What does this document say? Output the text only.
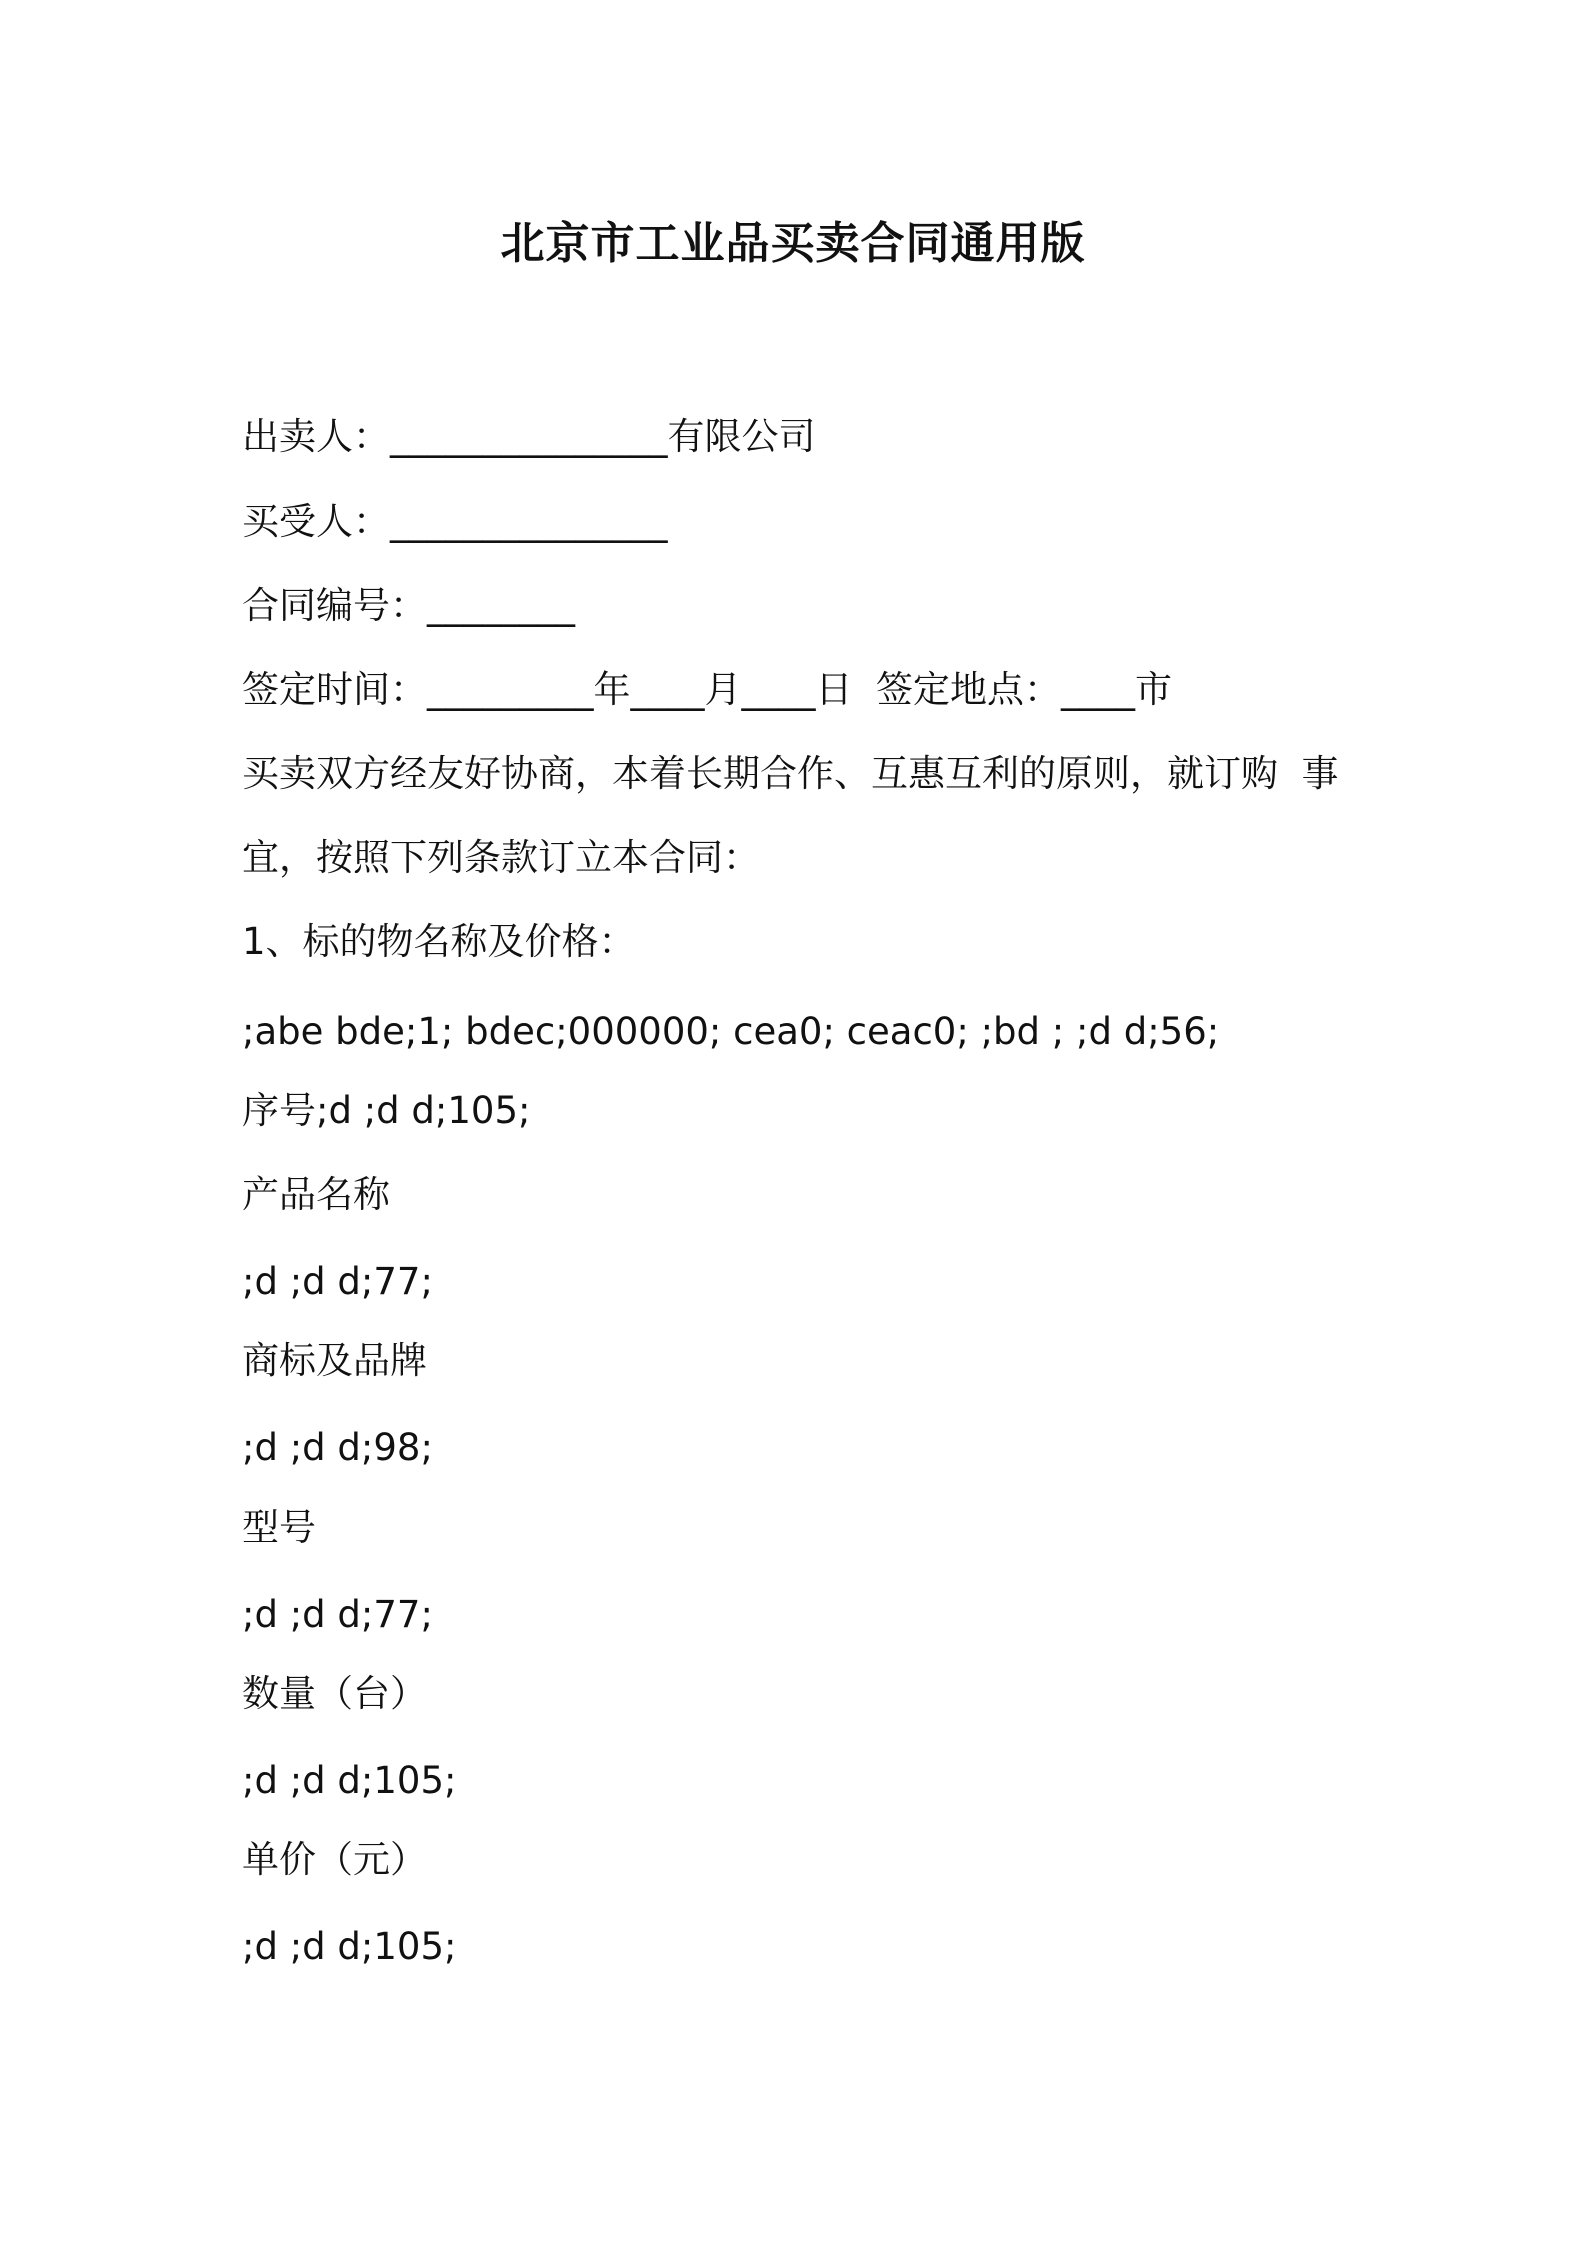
北京市工业品买卖合同通用版
出卖人：_______________有限公司
买受人：_______________
合同编号：________
签定时间：_________年____月____日  签定地点：____市
买卖双方经友好协商，本着长期合作、互惠互利的原则，就订购  事
宜，按照下列条款订立本合同：
1、标的物名称及价格：
;abe bde;1; bdec;000000; cea0; ceac0; ;bd ; ;d d;56;
序号;d ;d d;105;
产品名称
;d ;d d;77;
商标及品牌
;d ;d d;98;
型号
;d ;d d;77;
数量（台）
;d ;d d;105;
单价（元）
;d ;d d;105;
